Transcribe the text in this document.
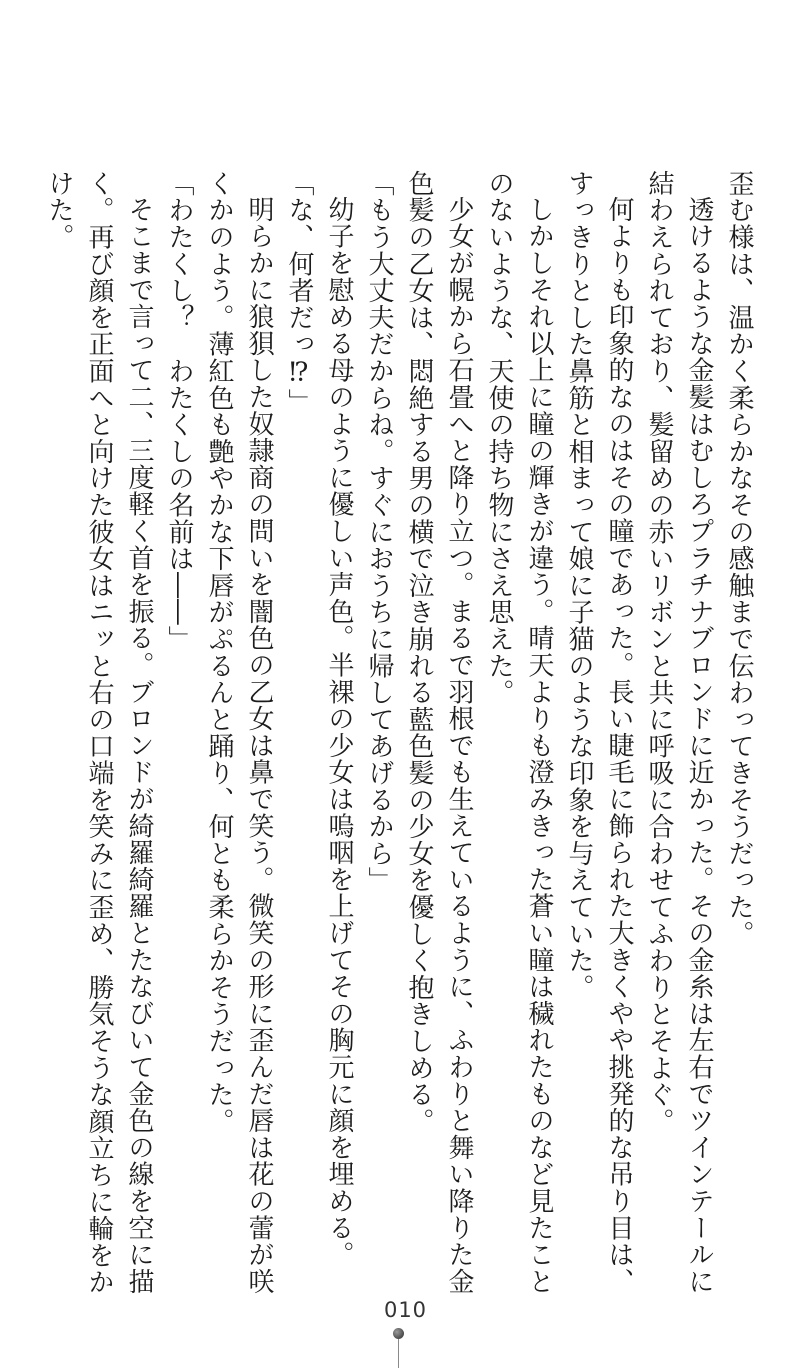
歪む様は、温かく柔らかなその感触まで伝わってきそうだった。

透けるような金髪はむしろプラチナブロンドに近かった。その金糸は左右でツインテールに結わえられており、髪留めの赤いリボンと共に呼吸に合わせてふわりとそよぐ。

何よりも印象的なのはその瞳であった。長い睫毛に飾られた大きくやや挑発的な吊り目は、すっきりとした鼻筋と相まって娘に子猫のような印象を与えていた。

しかしそれ以上に瞳の輝きが違う。晴天よりも澄みきった蒼い瞳は穢れたものなど見たことのないような、天使の持ち物にさえ思えた。

少女が幌から石畳へと降り立つ。まるで羽根でも生えているように、ふわりと舞い降りた金色髪の乙女は、悶絶する男の横で泣き崩れる藍色髪の少女を優しく抱きしめる。

「もう大丈夫だからね。すぐにおうちに帰してあげるから」

幼子を慰める母のように優しい声色。半裸の少女は嗚咽を上げてその胸元に顔を埋める。

「な、何者だっ⁉」

明らかに狼狽した奴隷商の問いを闇色の乙女は鼻で笑う。微笑の形に歪んだ唇は花の蕾が咲くかのよう。薄紅色も艶やかな下唇がぷるんと踊り、何とも柔らかそうだった。

「わたくし？　わたくしの名前は――」

そこまで言って二、三度軽く首を振る。ブロンドが綺羅綺羅とたなびいて金色の線を空に描く。再び顔を正面へと向けた彼女はニッと右の口端を笑みに歪め、勝気そうな顔立ちに輪をかけた。

010
